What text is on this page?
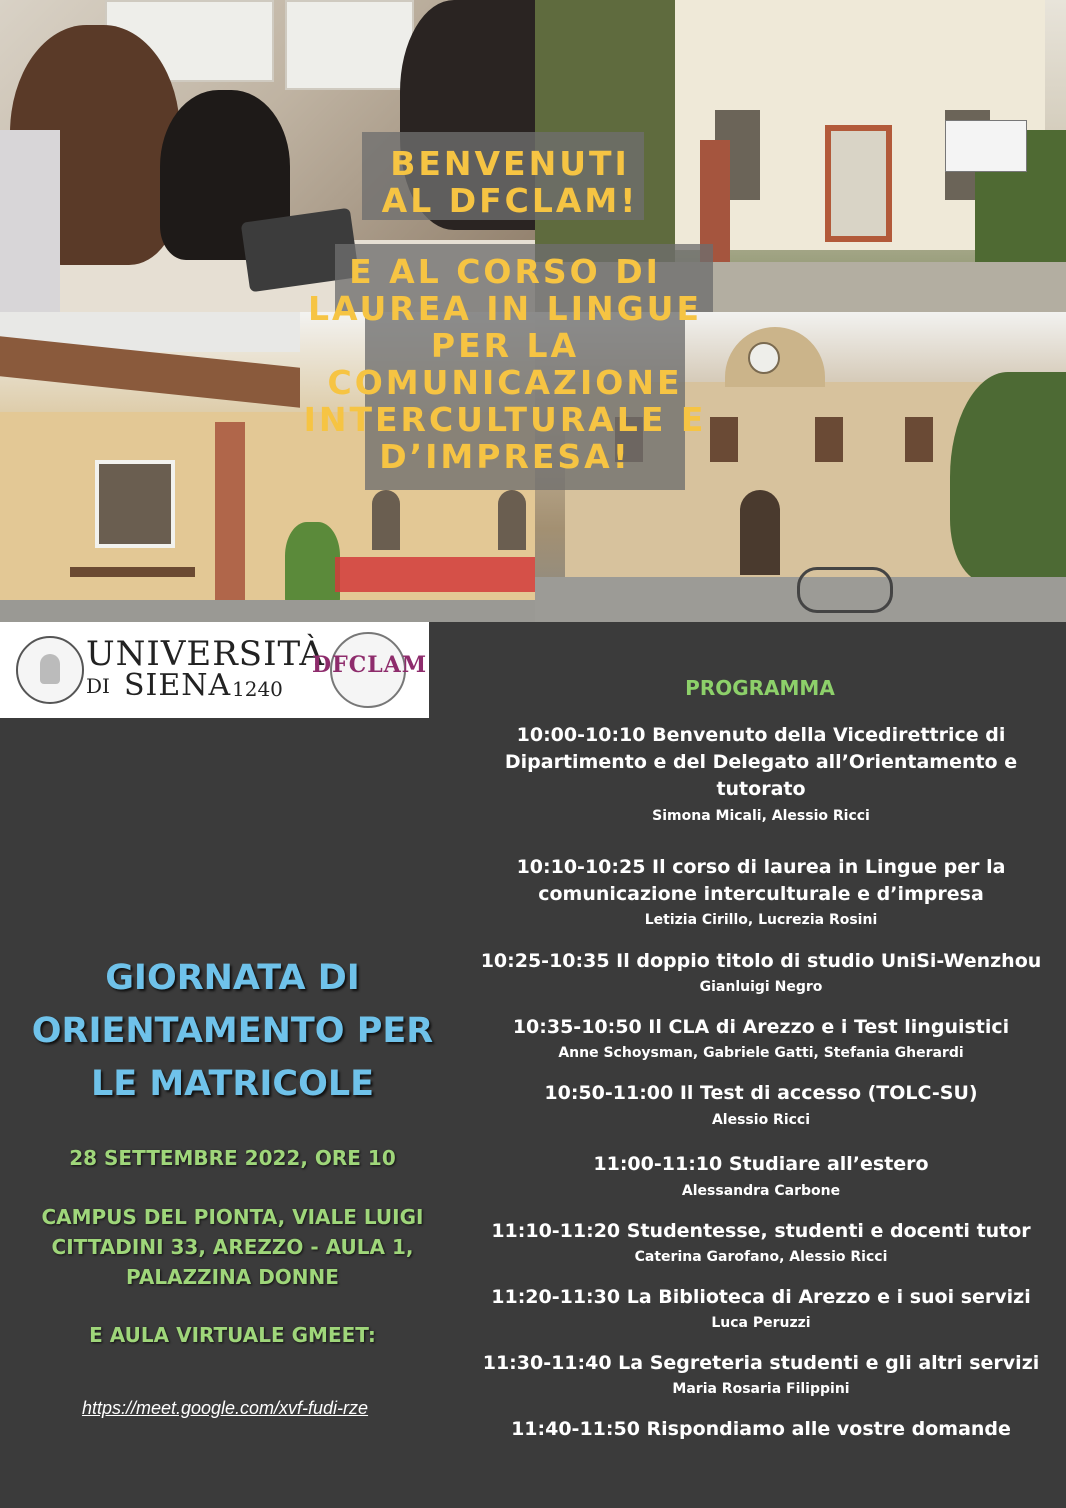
BENVENUTI
AL DFCLAM!
E AL CORSO DI
LAUREA IN LINGUE
PER LA
COMUNICAZIONE
INTERCULTURALE E
D’IMPRESA!
UNIVERSITÀ
DI SIENA 1240
DFCLAM
GIORNATA DI
ORIENTAMENTO PER
LE MATRICOLE
28 SETTEMBRE 2022, ORE 10
CAMPUS DEL PIONTA, VIALE LUIGI
CITTADINI 33, AREZZO - AULA 1,
PALAZZINA DONNE
E AULA VIRTUALE GMEET:
https://meet.google.com/xvf-fudi-rze
PROGRAMMA
10:00-10:10 Benvenuto della Vicedirettrice di
Dipartimento e del Delegato all’Orientamento e
tutorato
Simona Micali, Alessio Ricci
10:10-10:25 Il corso di laurea in Lingue per la
comunicazione interculturale e d’impresa
Letizia Cirillo, Lucrezia Rosini
10:25-10:35 Il doppio titolo di studio UniSi-Wenzhou
Gianluigi Negro
10:35-10:50 Il CLA di Arezzo e i Test linguistici
Anne Schoysman, Gabriele Gatti, Stefania Gherardi
10:50-11:00 Il Test di accesso (TOLC-SU)
Alessio Ricci
11:00-11:10 Studiare all’estero
Alessandra Carbone
11:10-11:20 Studentesse, studenti e docenti tutor
Caterina Garofano, Alessio Ricci
11:20-11:30 La Biblioteca di Arezzo e i suoi servizi
Luca Peruzzi
11:30-11:40 La Segreteria studenti e gli altri servizi
Maria Rosaria Filippini
11:40-11:50 Rispondiamo alle vostre domande
